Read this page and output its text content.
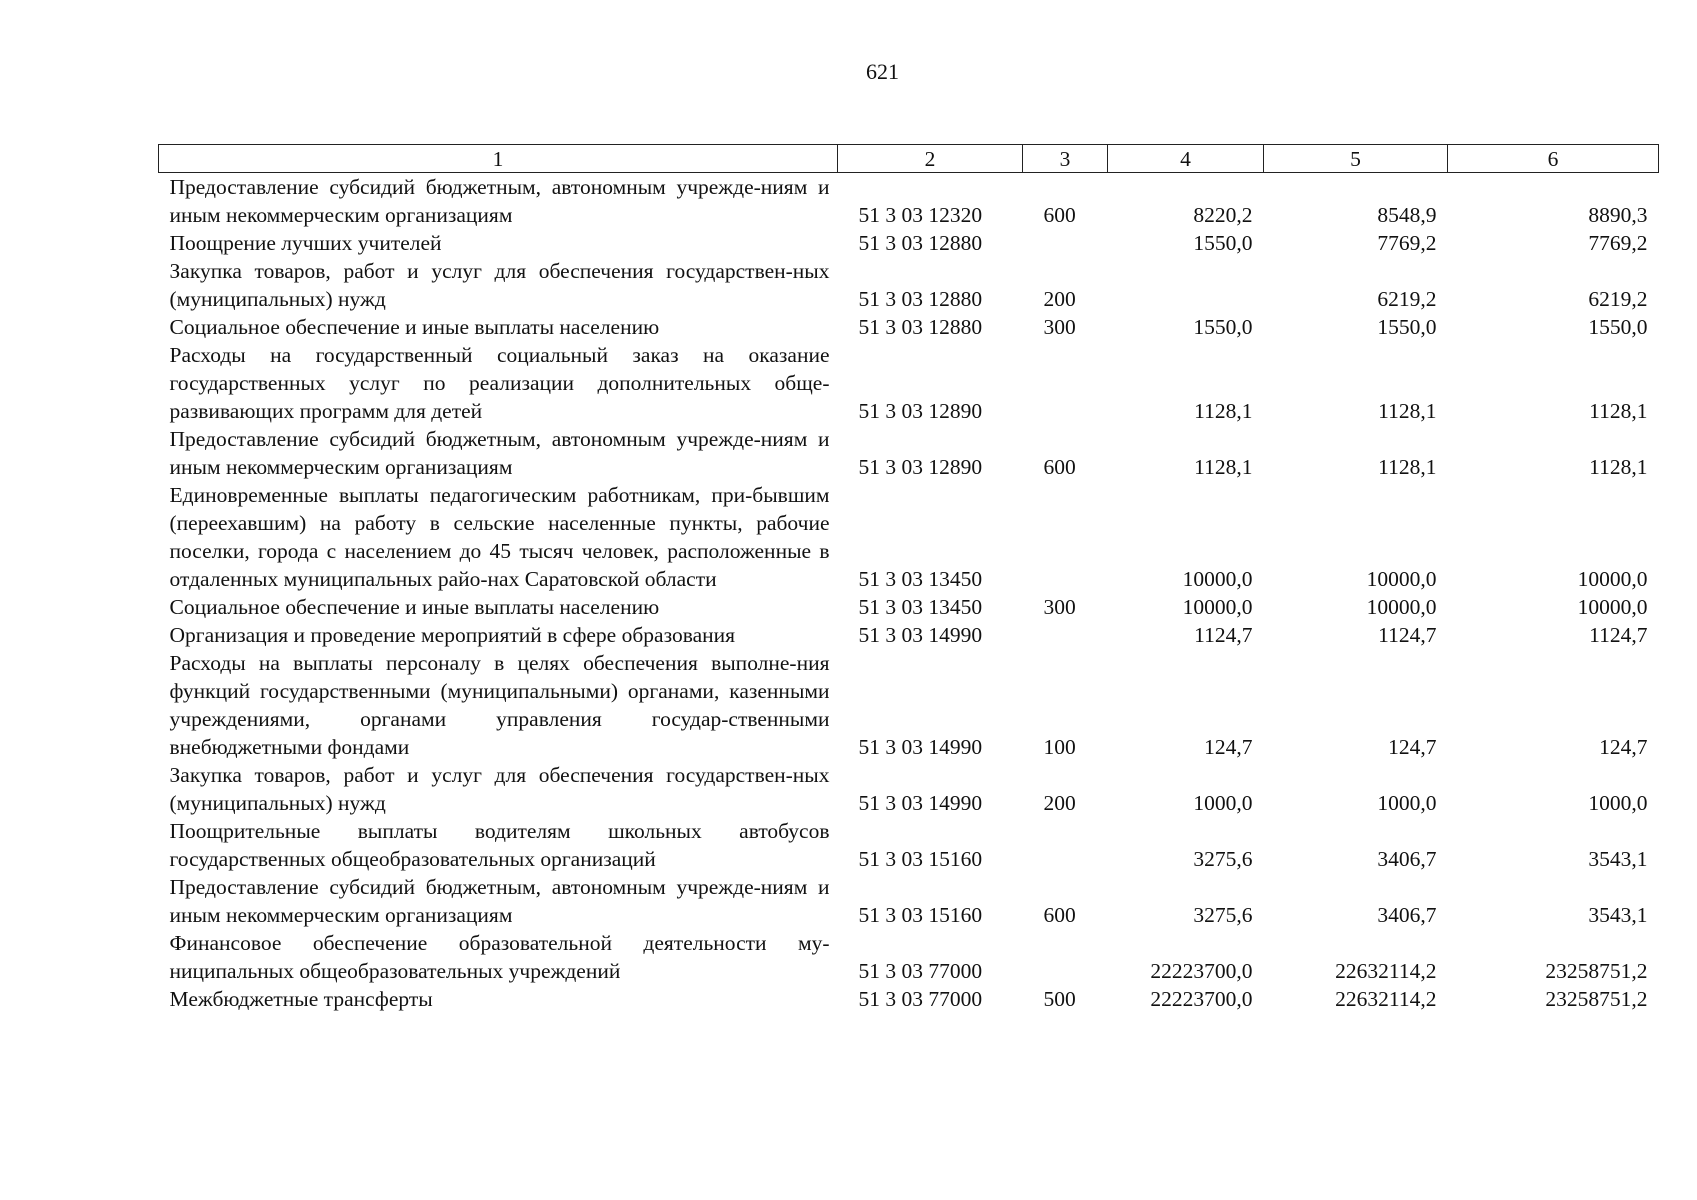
621
1	2	3	4	5	6
Предоставление субсидий бюджетным, автономным учрежде-ниям и иным некоммерческим организациям	51 3 03 12320	600	8220,2	8548,9	8890,3
Поощрение лучших учителей	51 3 03 12880		1550,0	7769,2	7769,2
Закупка товаров, работ и услуг для обеспечения государствен-ных (муниципальных) нужд	51 3 03 12880	200		6219,2	6219,2
Социальное обеспечение и иные выплаты населению	51 3 03 12880	300	1550,0	1550,0	1550,0
Расходы на государственный социальный заказ на оказание государственных услуг по реализации дополнительных обще-развивающих программ для детей	51 3 03 12890		1128,1	1128,1	1128,1
Предоставление субсидий бюджетным, автономным учрежде-ниям и иным некоммерческим организациям	51 3 03 12890	600	1128,1	1128,1	1128,1
Единовременные выплаты педагогическим работникам, при-бывшим (переехавшим) на работу в сельские населенные пункты, рабочие поселки, города с населением до 45 тысяч человек, расположенные в отдаленных муниципальных райо-нах Саратовской области	51 3 03 13450		10000,0	10000,0	10000,0
Социальное обеспечение и иные выплаты населению	51 3 03 13450	300	10000,0	10000,0	10000,0
Организация и проведение мероприятий в сфере образования	51 3 03 14990		1124,7	1124,7	1124,7
Расходы на выплаты персоналу в целях обеспечения выполне-ния функций государственными (муниципальными) органами, казенными учреждениями, органами управления государ-ственными внебюджетными фондами	51 3 03 14990	100	124,7	124,7	124,7
Закупка товаров, работ и услуг для обеспечения государствен-ных (муниципальных) нужд	51 3 03 14990	200	1000,0	1000,0	1000,0
Поощрительные выплаты водителям школьных автобусов государственных общеобразовательных организаций	51 3 03 15160		3275,6	3406,7	3543,1
Предоставление субсидий бюджетным, автономным учрежде-ниям и иным некоммерческим организациям	51 3 03 15160	600	3275,6	3406,7	3543,1
Финансовое обеспечение образовательной деятельности му-ниципальных общеобразовательных учреждений	51 3 03 77000		22223700,0	22632114,2	23258751,2
Межбюджетные трансферты	51 3 03 77000	500	22223700,0	22632114,2	23258751,2
